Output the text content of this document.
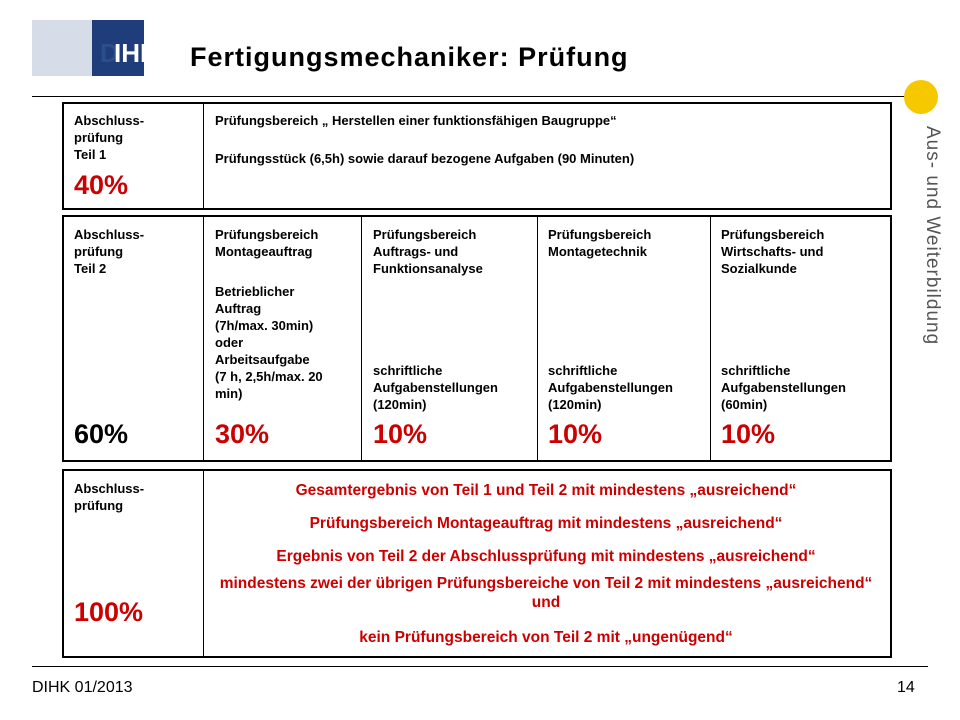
D
IHK Fertigungsmechaniker: Prüfung
Aus- und Weiterbildung
Abschluss-
prüfung
Teil 1
40%
Prüfungsbereich „ Herstellen einer funktionsfähigen Baugruppe“
Prüfungsstück (6,5h) sowie darauf bezogene Aufgaben (90 Minuten)
Abschluss-
prüfung
Teil 2
60%
Prüfungsbereich
Montageauftrag
Betrieblicher
Auftrag
(7h/max. 30min)
oder
Arbeitsaufgabe
(7 h, 2,5h/max. 20
min)
30%
Prüfungsbereich
Auftrags- und
Funktionsanalyse
schriftliche
Aufgabenstellungen
(120min)
10%
Prüfungsbereich
Montagetechnik
schriftliche
Aufgabenstellungen
(120min)
10%
Prüfungsbereich
Wirtschafts- und
Sozialkunde
schriftliche
Aufgabenstellungen
(60min)
10%
Abschluss-
prüfung
100%
Gesamtergebnis von Teil 1 und Teil 2 mit mindestens „ausreichend“
Prüfungsbereich Montageauftrag mit mindestens „ausreichend“
Ergebnis von Teil 2 der Abschlussprüfung mit mindestens „ausreichend“
mindestens zwei der übrigen Prüfungsbereiche von Teil 2 mit mindestens „ausreichend“ und
kein Prüfungsbereich von Teil 2 mit „ungenügend“
DIHK 01/2013	14
